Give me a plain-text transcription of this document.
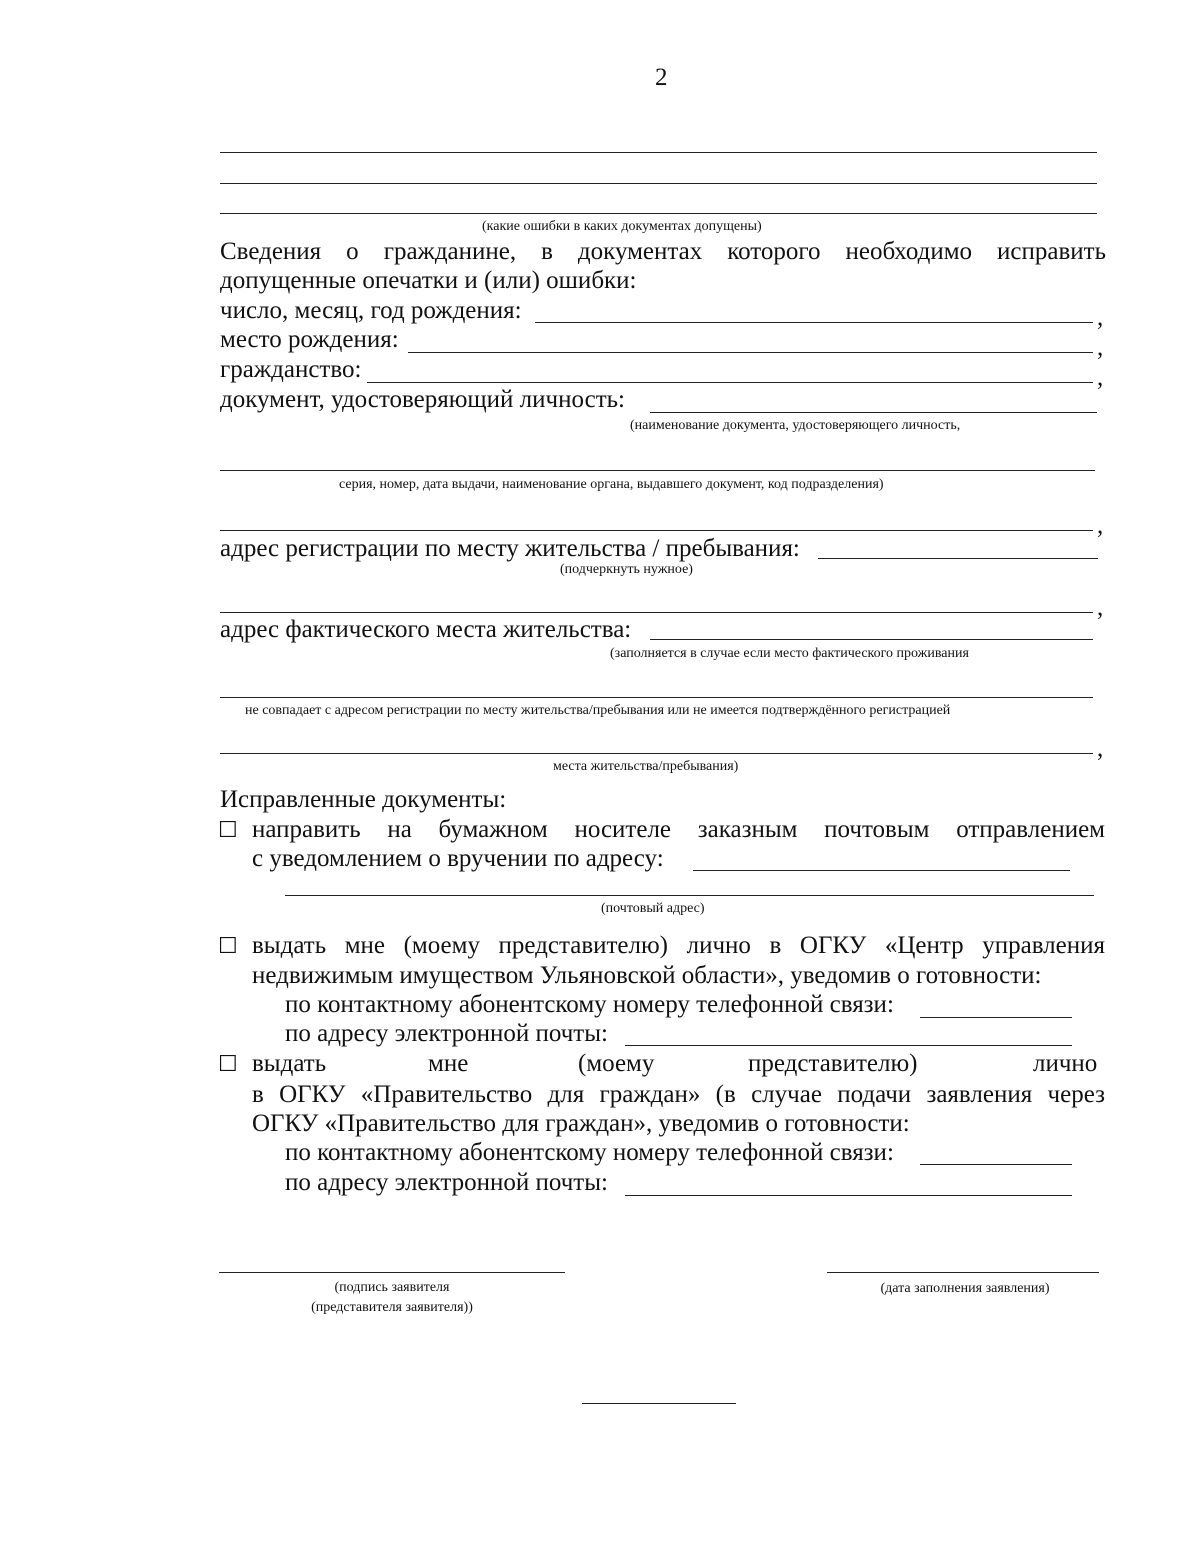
2
(какие ошибки в каких документах допущены)
Сведения о гражданине, в документах которого необходимо исправить
допущенные опечатки и (или) ошибки:
число, месяц, год рождения:	,
место рождения:	,
гражданство:	,
документ, удостоверяющий личность:
(наименование документа, удостоверяющего личность,
серия, номер, дата выдачи, наименование органа, выдавшего документ, код подразделения)
,
адрес регистрации по месту жительства / пребывания:
(подчеркнуть нужное)
,
адрес фактического места жительства:
(заполняется в случае если место фактического проживания
не совпадает с адресом регистрации по месту жительства/пребывания или не имеется подтверждённого регистрацией
,
места жительства/пребывания)
Исправленные документы:
☐ направить на бумажном носителе заказным почтовым отправлением
с уведомлением о вручении по адресу:
(почтовый адрес)
☐ выдать мне (моему представителю) лично в ОГКУ «Центр управления
недвижимым имуществом Ульяновской области», уведомив о готовности:
по контактному абонентскому номеру телефонной связи:
по адресу электронной почты:
☐ выдать	мне	(моему	представителю)	лично
в ОГКУ «Правительство для граждан» (в случае подачи заявления через
ОГКУ «Правительство для граждан», уведомив о готовности:
по контактному абонентскому номеру телефонной связи:
по адресу электронной почты:
(подпись заявителя
(представителя заявителя))
(дата заполнения заявления)
